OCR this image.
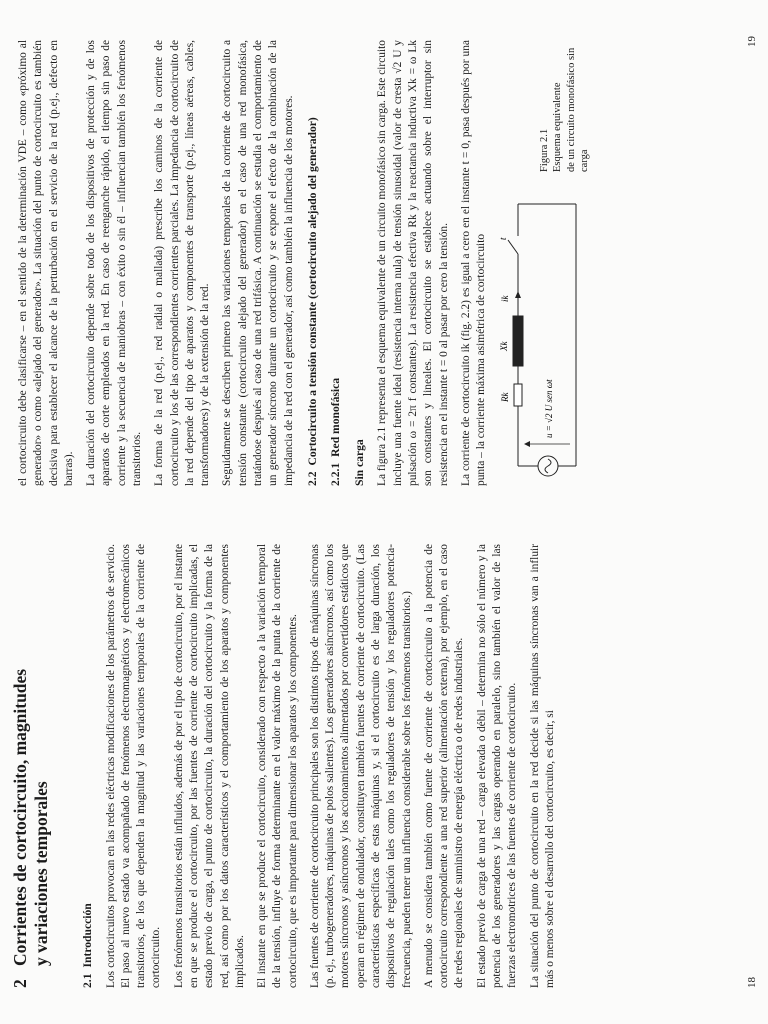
2Corrientes de cortocircuito, magnitudes y variaciones temporales
2.1Introducción Los cortocircuitos provocan en las redes eléctricas modificaciones de los parámetros de servicio. El paso al nuevo estado va acompañado de fenómenos electromagnéticos y electromecánicos transitorios, de los que dependen la magnitud y las variaciones temporales de la corriente de cortocircuito. Los fenómenos transitorios están influidos, además de por el tipo de cortocircuito, por el instante en que se produce el cortocircuito, por las fuentes de corriente de cortocircuito implicadas, el estado previo de carga, el punto de cortocircuito, la duración del cortocircuito y la forma de la red, así como por los datos característicos y el comportamiento de los aparatos y componentes implicados. El instante en que se produce el cortocircuito, considerado con respecto a la variación temporal de la tensión, influye de forma determinante en el valor máximo de la punta de la corriente de cortocircuito, que es importante para dimensionar los aparatos y los componentes. Las fuentes de corriente de cortocircuito principales son los distintos tipos de máquinas síncronas (p. ej., turbogeneradores, máquinas de polos salientes). Los generadores asíncronos, así como los motores síncronos y asíncronos y los accionamientos alimentados por convertidores estáticos que operan en régimen de ondulador, constituyen también fuentes de corriente de cortocircuito. (Las características específicas de estas máquinas y, si el cortocircuito es de larga duración, los dispositivos de regulación tales como los reguladores de tensión y los reguladores potencia-frecuencia, pueden tener una influencia considerable sobre los fenómenos transitorios.) A menudo se considera también como fuente de corriente de cortocircuito a la potencia de cortocircuito correspondiente a una red superior (alimentación externa), por ejemplo, en el caso de redes regionales de suministro de energía eléctrica o de redes industriales. El estado previo de carga de una red – carga elevada o débil – determina no sólo el número y la potencia de los generadores y las cargas operando en paralelo, sino también el valor de las fuerzas electromotrices de las fuentes de corriente de cortocircuito. La situación del punto de cortocircuito en la red decide si las máquinas síncronas van a influir más o menos sobre el desarrollo del cortocircuito, es decir, si	18

el cortocircuito debe clasificarse – en el sentido de la determinación VDE – como «próximo al generador» o como «alejado del generador». La situación del punto de cortocircuito es también decisiva para establecer el alcance de la perturbación en el servicio de la red (p.ej., defecto en barras). La duración del cortocircuito depende sobre todo de los dispositivos de protección y de los aparatos de corte empleados en la red. En caso de reenganche rápido, el tiempo sin paso de corriente y la secuencia de maniobras – con éxito o sin él – influencian también los fenómenos transitorios. La forma de la red (p.ej., red radial o mallada) prescribe los caminos de la corriente de cortocircuito y los de las correspondientes corrientes parciales. La impedancia de cortocircuito de la red depende del tipo de aparatos y componentes de transporte (p.ej., líneas aéreas, cables, transformadores) y de la extensión de la red. Seguidamente se describen primero las variaciones temporales de la corriente de cortocircuito a tensión constante (cortocircuito alejado del generador) en el caso de una red monofásica, tratándose después al caso de una red trifásica. A continuación se estudia el comportamiento de un generador síncrono durante un cortocircuito y se expone el efecto de la combinación de la impedancia de la red con el generador, así como también la influencia de los motores. 2.2Cortocircuito a tensión constante (cortocircuito alejado del generador)
2.2.1Red monofásica
Sin carga La figura 2.1 representa el esquema equivalente de un circuito monofásico sin carga. Este circuito incluye una fuente ideal (resistencia interna nula) de tensión sinusoidal (valor de cresta √2 U y pulsación ω = 2π f constantes). La resistencia efectiva Rk y la reactancia inductiva Xk = ω Lk son constantes y lineales. El cortocircuito se establece actuando sobre el interruptor sin resistencia en el instante t = 0 al pasar por cero la tensión. La corriente de cortocircuito ik (fig. 2.2) es igual a cero en el instante t = 0, pasa después por una punta – la corriente máxima asimétrica de cortocircuito	u = √2 U sen ωt
Rk
Xk
ik
t
Figura 2.1 Esquema equivalente de un circuito monofásico sin carga
19
